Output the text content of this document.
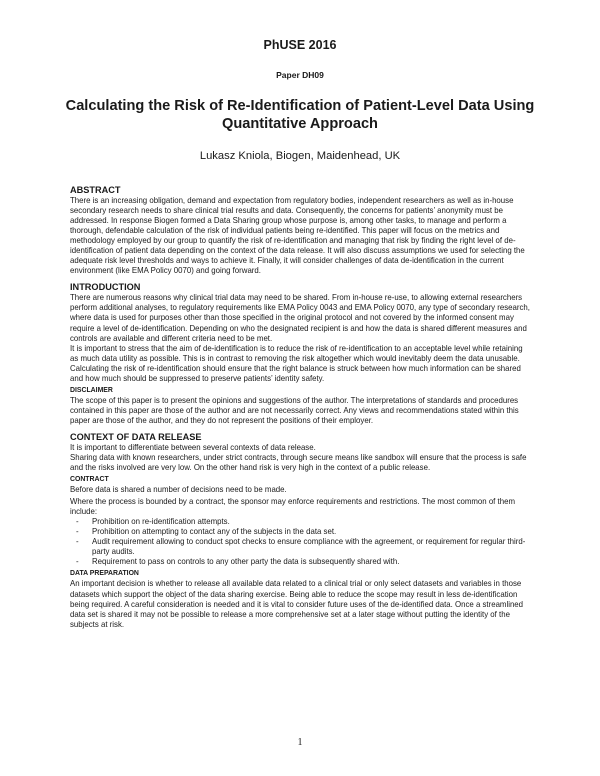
PhUSE 2016
Paper DH09
Calculating the Risk of Re-Identification of Patient-Level Data Using Quantitative Approach
Lukasz Kniola, Biogen, Maidenhead, UK
ABSTRACT

There is an increasing obligation, demand and expectation from regulatory bodies, independent researchers as well as in-house secondary research needs to share clinical trial results and data. Consequently, the concerns for patients’ anonymity must be addressed. In response Biogen formed a Data Sharing group whose purpose is, among other tasks, to manage and perform a thorough, defendable calculation of the risk of individual patients being re-identified. This paper will focus on the metrics and methodology employed by our group to quantify the risk of re-identification and managing that risk by finding the right level of de-identification of patient data depending on the context of the data release. It will also discuss assumptions we used for selecting the adequate risk level thresholds and ways to achieve it. Finally, it will consider challenges of data de-identification in the current environment (like EMA Policy 0070) and going forward.

INTRODUCTION

There are numerous reasons why clinical trial data may need to be shared. From in-house re-use, to allowing external researchers perform additional analyses, to regulatory requirements like EMA Policy 0043 and EMA Policy 0070, any type of secondary research, where data is used for purposes other than those specified in the original protocol and not covered by the informed consent may require a level of de-identification. Depending on who the designated recipient is and how the data is shared different measures and controls are available and different criteria need to be met.

It is important to stress that the aim of de-identification is to reduce the risk of re-identification to an acceptable level while retaining as much data utility as possible. This is in contrast to removing the risk altogether which would inevitably deem the data unusable.

Calculating the risk of re-identification should ensure that the right balance is struck between how much information can be shared and how much should be suppressed to preserve patients’ identity safety.

DISCLAIMER

The scope of this paper is to present the opinions and suggestions of the author. The interpretations of standards and procedures contained in this paper are those of the author and are not necessarily correct. Any views and recommendations stated within this paper are those of the author, and they do not represent the positions of their employer.

CONTEXT OF DATA RELEASE

It is important to differentiate between several contexts of data release.

Sharing data with known researchers, under strict contracts, through secure means like sandbox will ensure that the process is safe and the risks involved are very low. On the other hand risk is very high in the context of a public release.

CONTRACT

Before data is shared a number of decisions need to be made.

Where the process is bounded by a contract, the sponsor may enforce requirements and restrictions. The most common of them include:

- Prohibition on re-identification attempts.
- Prohibition on attempting to contact any of the subjects in the data set.
- Audit requirement allowing to conduct spot checks to ensure compliance with the agreement, or requirement for regular third-party audits.
- Requirement to pass on controls to any other party the data is subsequently shared with.
DATA PREPARATION

An important decision is whether to release all available data related to a clinical trial or only select datasets and variables in those datasets which support the object of the data sharing exercise. Being able to reduce the scope may result in less de-identification being required. A careful consideration is needed and it is vital to consider future uses of the de-identified data. Once a streamlined data set is shared it may not be possible to release a more comprehensive set at a later stage without putting the identity of the subjects at risk.

1
